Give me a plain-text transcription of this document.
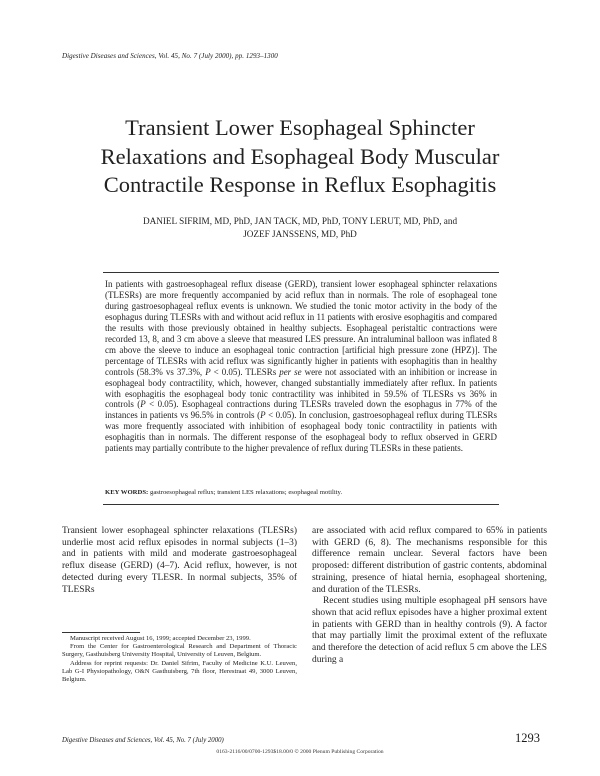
Digestive Diseases and Sciences, Vol. 45, No. 7 (July 2000), pp. 1293–1300
Transient Lower Esophageal Sphincter
Relaxations and Esophageal Body Muscular
Contractile Response in Reflux Esophagitis
DANIEL SIFRIM, MD, PhD, JAN TACK, MD, PhD, TONY LERUT, MD, PhD, and
JOZEF JANSSENS, MD, PhD
In patients with gastroesophageal reflux disease (GERD), transient lower esophageal sphincter relaxations (TLESRs) are more frequently accompanied by acid reflux than in normals. The role of esophageal tone during gastroesophageal reflux events is unknown. We studied the tonic motor activity in the body of the esophagus during TLESRs with and without acid reflux in 11 patients with erosive esophagitis and compared the results with those previously obtained in healthy subjects. Esophageal peristaltic contractions were recorded 13, 8, and 3 cm above a sleeve that measured LES pressure. An intraluminal balloon was inflated 8 cm above the sleeve to induce an esophageal tonic contraction [artificial high pressure zone (HPZ)]. The percentage of TLESRs with acid reflux was significantly higher in patients with esophagitis than in healthy controls (58.3% vs 37.3%, P < 0.05). TLESRs per se were not associated with an inhibition or increase in esophageal body contractility, which, however, changed substantially immediately after reflux. In patients with esophagitis the esophageal body tonic contractility was inhibited in 59.5% of TLESRs vs 36% in controls (P < 0.05). Esophageal contractions during TLESRs traveled down the esophagus in 77% of the instances in patients vs 96.5% in controls (P < 0.05). In conclusion, gastroesophageal reflux during TLESRs was more frequently associated with inhibition of esophageal body tonic contractility in patients with esophagitis than in normals. The different response of the esophageal body to reflux observed in GERD patients may partially contribute to the higher prevalence of reflux during TLESRs in these patients.
KEY WORDS: gastroesophageal reflux; transient LES relaxations; esophageal motility.

Transient lower esophageal sphincter relaxations (TLESRs) underlie most acid reflux episodes in normal subjects (1–3) and in patients with mild and moderate gastroesophageal reflux disease (GERD) (4–7). Acid reflux, however, is not detected during every TLESR. In normal subjects, 35% of TLESRs

are associated with acid reflux compared to 65% in patients with GERD (6, 8). The mechanisms responsible for this difference remain unclear. Several factors have been proposed: different distribution of gastric contents, abdominal straining, presence of hiatal hernia, esophageal shortening, and duration of the TLESRs.

Recent studies using multiple esophageal pH sensors have shown that acid reflux episodes have a higher proximal extent in patients with GERD than in healthy controls (9). A factor that may partially limit the proximal extent of the refluxate and therefore the detection of acid reflux 5 cm above the LES during a

Manuscript received August 16, 1999; accepted December 23, 1999.

From the Center for Gastroenterological Research and Department of Thoracic Surgery, Gasthuisberg University Hospital, University of Leuven, Belgium.

Address for reprint requests: Dr. Daniel Sifrim, Faculty of Medicine K.U. Leuven, Lab G-I Physiopathology, O&N Gasthuisberg, 7th floor, Herestraat 49, 3000 Leuven, Belgium.

Digestive Diseases and Sciences, Vol. 45, No. 7 (July 2000)	1293
0163-2116/00/0700-1293$18.00/0 © 2000 Plenum Publishing Corporation
